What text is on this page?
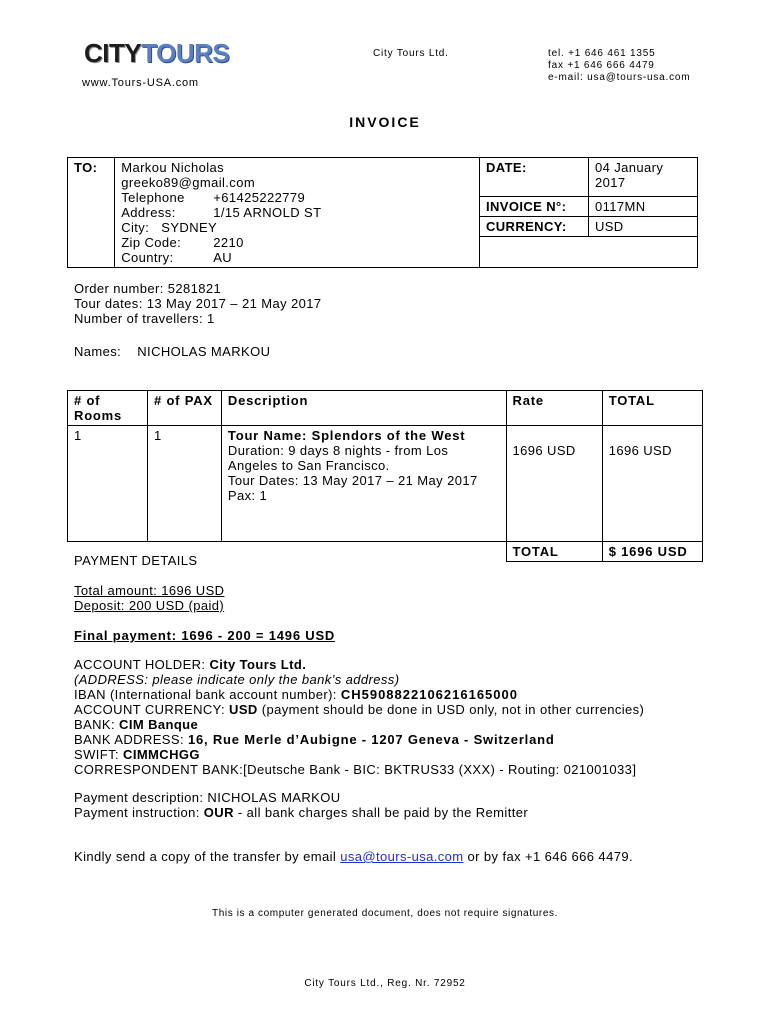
CITYTOURS
www.Tours-USA.com
City Tours Ltd.	tel. +1 646 461 1355
fax +1 646 666 4479
e-mail: usa@tours-usa.com
INVOICE
TO:	Markou Nicholas
greeko89@gmail.com
Telephone	+61425222779
Address:	1/15 ARNOLD ST
City: SYDNEY
Zip Code:	2210
Country:	AU

DATE:	04 January 2017
INVOICE N°:	0117MN
CURRENCY:	USD
Order number: 5281821
Tour dates: 13 May 2017 – 21 May 2017
Number of travellers: 1
Names: NICHOLAS MARKOU
# of Rooms	# of PAX	Description	Rate	TOTAL
1	1	Tour Name: Splendors of the West
Duration: 9 days 8 nights - from Los Angeles to San Francisco.
Tour Dates: 13 May 2017 – 21 May 2017
Pax: 1	1696 USD	1696 USD

			TOTAL	$ 1696 USD
PAYMENT DETAILS
Total amount: 1696 USD
Deposit: 200 USD (paid)
Final payment: 1696 - 200 = 1496 USD
ACCOUNT HOLDER: City Tours Ltd.
(ADDRESS: please indicate only the bank’s address)
IBAN (International bank account number): CH5908822106216165000
ACCOUNT CURRENCY: USD (payment should be done in USD only, not in other currencies)
BANK: CIM Banque
BANK ADDRESS: 16, Rue Merle d’Aubigne - 1207 Geneva - Switzerland
SWIFT: CIMMCHGG
CORRESPONDENT BANK:[Deutsche Bank - BIC: BKTRUS33 (XXX) - Routing: 021001033]
Payment description: NICHOLAS MARKOU
Payment instruction: OUR - all bank charges shall be paid by the Remitter
Kindly send a copy of the transfer by email usa@tours-usa.com or by fax +1 646 666 4479.
This is a computer generated document, does not require signatures.
City Tours Ltd., Reg. Nr. 72952
